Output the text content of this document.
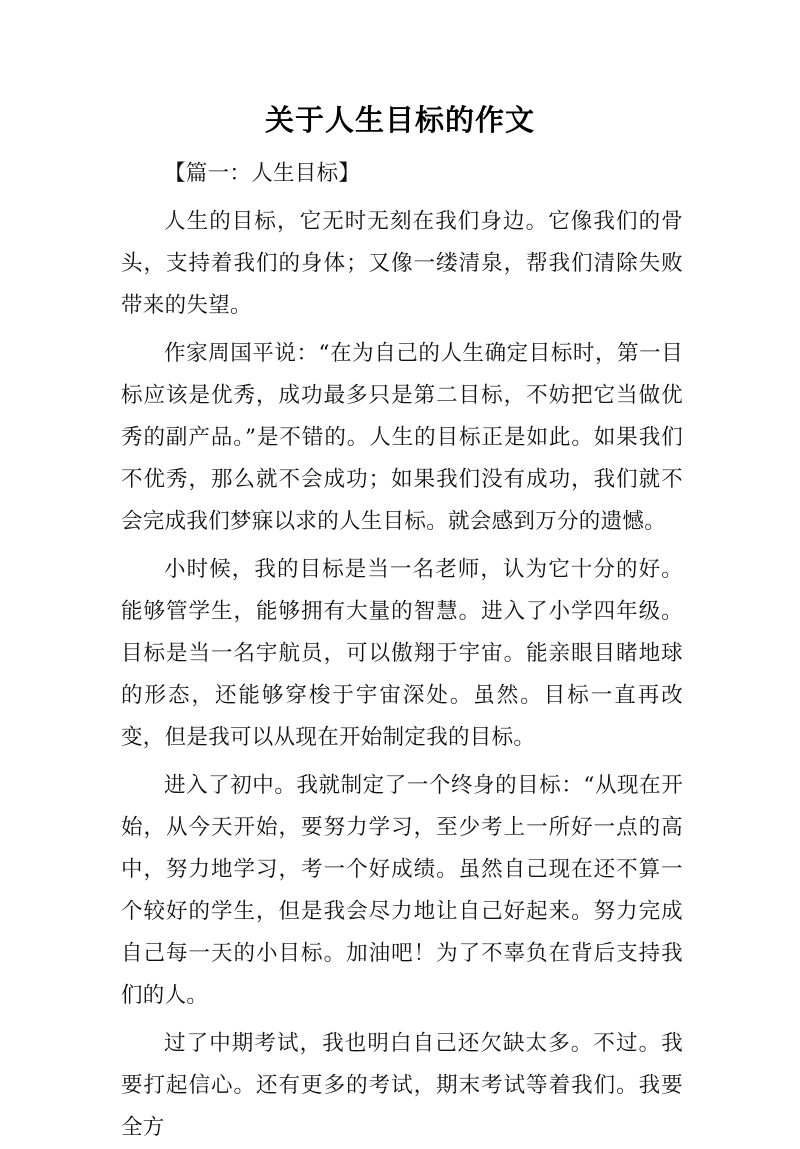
关于人生目标的作文

【篇一：人生目标】

人生的目标，它无时无刻在我们身边。它像我们的骨头，支持着我们的身体；又像一缕清泉，帮我们清除失败带来的失望。

作家周国平说：“在为自己的人生确定目标时，第一目标应该是优秀，成功最多只是第二目标，不妨把它当做优秀的副产品。”是不错的。人生的目标正是如此。如果我们不优秀，那么就不会成功；如果我们没有成功，我们就不会完成我们梦寐以求的人生目标。就会感到万分的遗憾。

小时候，我的目标是当一名老师，认为它十分的好。能够管学生，能够拥有大量的智慧。进入了小学四年级。目标是当一名宇航员，可以傲翔于宇宙。能亲眼目睹地球的形态，还能够穿梭于宇宙深处。虽然。目标一直再改变，但是我可以从现在开始制定我的目标。

进入了初中。我就制定了一个终身的目标：“从现在开始，从今天开始，要努力学习，至少考上一所好一点的高中，努力地学习，考一个好成绩。虽然自己现在还不算一个较好的学生，但是我会尽力地让自己好起来。努力完成自己每一天的小目标。加油吧！为了不辜负在背后支持我们的人。

过了中期考试，我也明白自己还欠缺太多。不过。我要打起信心。还有更多的考试，期末考试等着我们。我要全方
